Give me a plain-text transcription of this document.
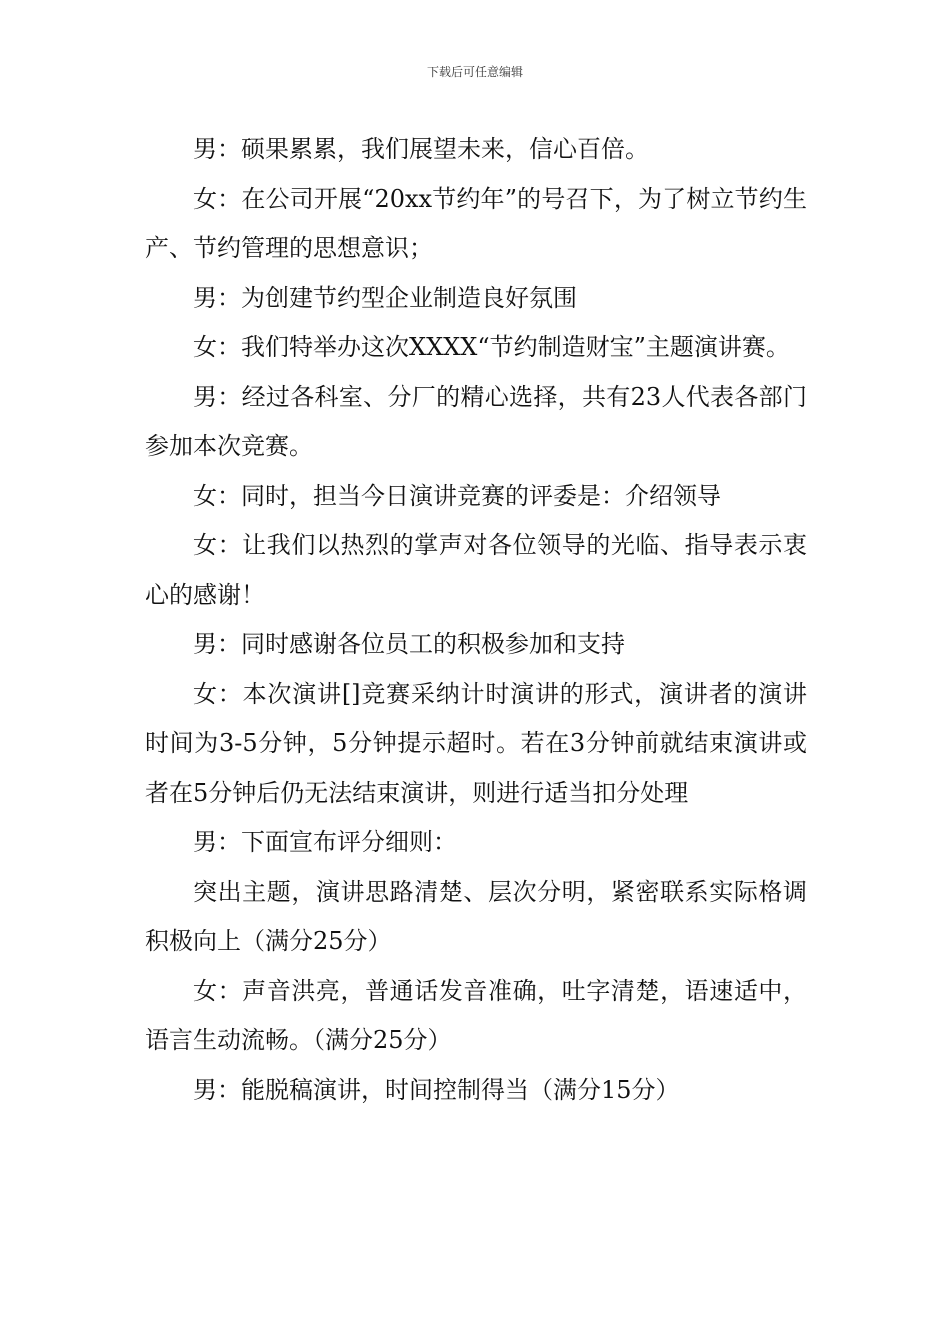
下载后可任意编辑

男：硕果累累，我们展望未来，信心百倍。

女：在公司开展“20xx节约年”的号召下，为了树立节约生产、节约管理的思想意识；

男：为创建节约型企业制造良好氛围

女：我们特举办这次XXXX“节约制造财宝”主题演讲赛。

男：经过各科室、分厂的精心选择，共有23人代表各部门参加本次竞赛。

女：同时，担当今日演讲竞赛的评委是：介绍领导

女：让我们以热烈的掌声对各位领导的光临、指导表示衷心的感谢！

男：同时感谢各位员工的积极参加和支持

女：本次演讲[]竞赛采纳计时演讲的形式，演讲者的演讲时间为3-5分钟，5分钟提示超时。若在3分钟前就结束演讲或者在5分钟后仍无法结束演讲，则进行适当扣分处理

男：下面宣布评分细则：

突出主题，演讲思路清楚、层次分明，紧密联系实际格调积极向上（满分25分）

女：声音洪亮，普通话发音准确，吐字清楚，语速适中，语言生动流畅。（满分25分）

男：能脱稿演讲，时间控制得当（满分15分）
